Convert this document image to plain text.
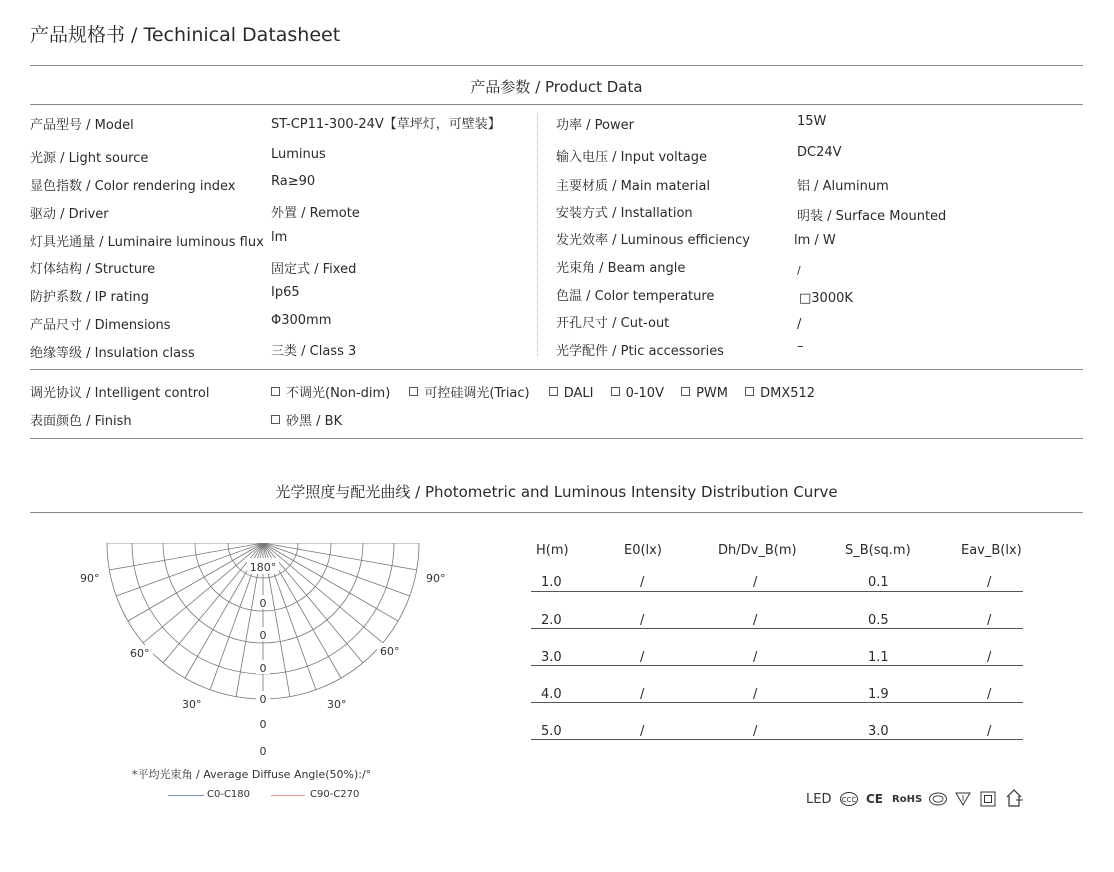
产品规格书 / Techinical Datasheet
产品参数 / Product Data
产品型号 / Model	ST-CP11-300-24V【草坪灯，可壁装】
光源 / Light source	Luminus
显色指数 / Color rendering index	Ra≥90
驱动 / Driver	外置 / Remote
灯具光通量 / Luminaire luminous flux lm
灯体结构 / Structure	固定式 / Fixed
防护系数 / IP rating	Ip65
产品尺寸 / Dimensions	Φ300mm
绝缘等级 / Insulation class	三类 / Class 3
功率 / Power	15W
输入电压 / Input voltage	DC24V
主要材质 / Main material	铝 / Aluminum
安装方式 / Installation	明装 / Surface Mounted
发光效率 / Luminous efficiency	lm / W
光束角 / Beam angle	/
色温 / Color temperature	□3000K
开孔尺寸 / Cut-out	/
光学配件 / Ptic accessories	–
调光协议 / Intelligent control	不调光(Non-dim)	可控硅调光(Triac)	DALI 0-10V PWM DMX512
表面颜色 / Finish	砂黑 / BK
光学照度与配光曲线 / Photometric and Luminous Intensity Distribution Curve
180°
90°	90°
60°	60°
30°	30°
0
0
0
0
0
0
*平均光束角 / Average Diffuse Angle(50%):/°
C0-C180	C90-C270
H(m)	E0(lx)	Dh/Dv_B(m)	S_B(sq.m)	Eav_B(lx)
1.0	/	/	0.1	/
2.0	/	/	0.5	/
3.0	/	/	1.1	/
4.0	/	/	1.9	/
5.0	/	/	3.0	/
LED CCC CE RoHS
